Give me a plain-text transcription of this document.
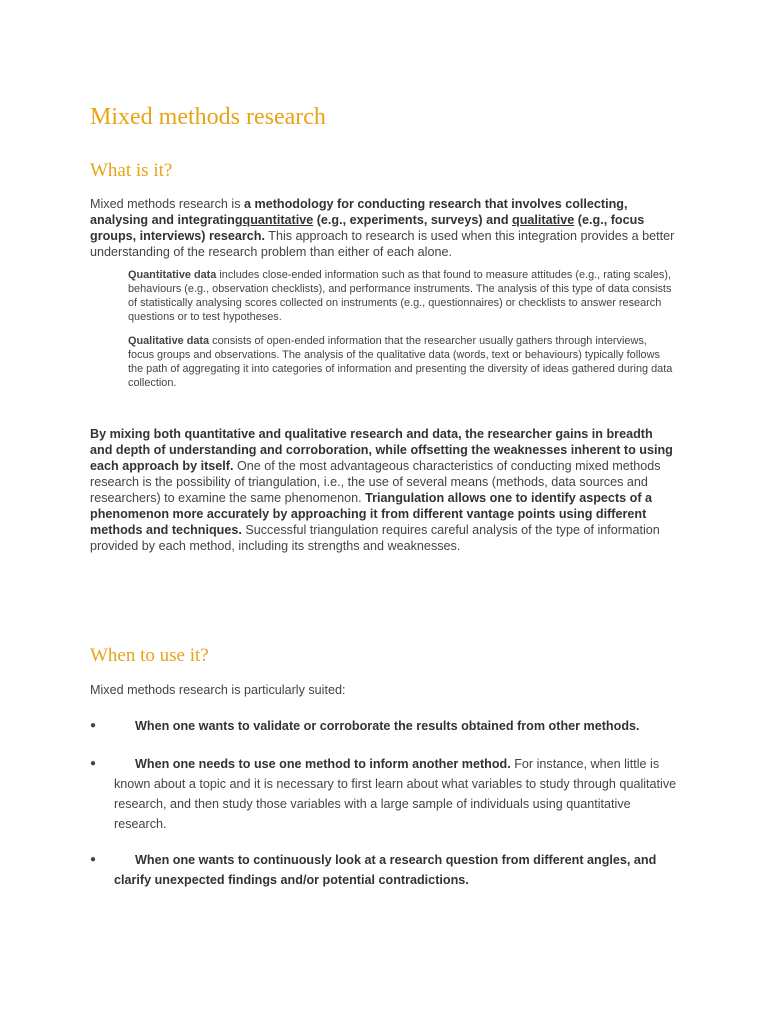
Mixed methods research
What is it?

Mixed methods research is a methodology for conducting research that involves collecting, analysing and integratingquantitative (e.g., experiments, surveys) and qualitative (e.g., focus groups, interviews) research. This approach to research is used when this integration provides a better understanding of the research problem than either of each alone.

Quantitative data includes close-ended information such as that found to measure attitudes (e.g., rating scales), behaviours (e.g., observation checklists), and performance instruments. The analysis of this type of data consists of statistically analysing scores collected on instruments (e.g., questionnaires) or checklists to answer research questions or to test hypotheses.

Qualitative data consists of open-ended information that the researcher usually gathers through interviews, focus groups and observations. The analysis of the qualitative data (words, text or behaviours) typically follows the path of aggregating it into categories of information and presenting the diversity of ideas gathered during data collection.

By mixing both quantitative and qualitative research and data, the researcher gains in breadth and depth of understanding and corroboration, while offsetting the weaknesses inherent to using each approach by itself. One of the most advantageous characteristics of conducting mixed methods research is the possibility of triangulation, i.e., the use of several means (methods, data sources and researchers) to examine the same phenomenon. Triangulation allows one to identify aspects of a phenomenon more accurately by approaching it from different vantage points using different methods and techniques. Successful triangulation requires careful analysis of the type of information provided by each method, including its strengths and weaknesses.

When to use it?

Mixed methods research is particularly suited:

●	When one wants to validate or corroborate the results obtained from other methods.
●	When one needs to use one method to inform another method. For instance, when little is known about a topic and it is necessary to first learn about what variables to study through qualitative research, and then study those variables with a large sample of individuals using quantitative research.
●	When one wants to continuously look at a research question from different angles, and clarify unexpected findings and/or potential contradictions.
